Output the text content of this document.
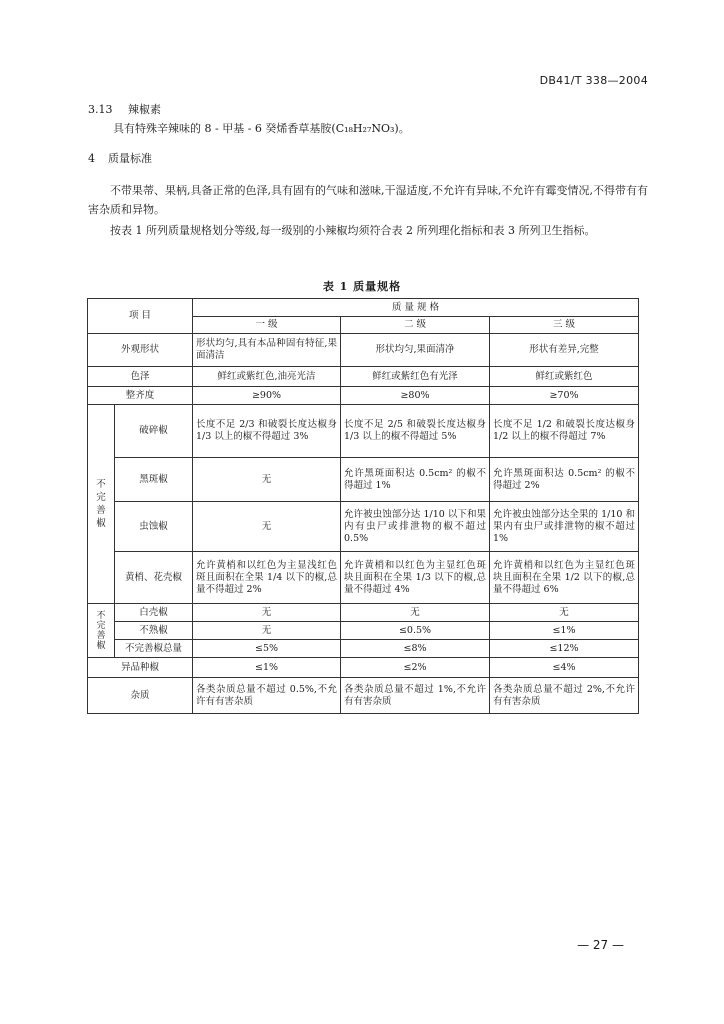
DB41/T 338—2004
3.13 辣椒素
具有特殊辛辣味的 8 - 甲基 - 6 癸烯香草基胺(C₁₈H₂₇NO₃)。
4 质量标准
不带果蒂、果柄,具备正常的色泽,具有固有的气味和滋味,干湿适度,不允许有异味,不允许有霉变情况,不得带有有害杂质和异物。
按表 1 所列质量规格划分等级,每一级别的小辣椒均须符合表 2 所列理化指标和表 3 所列卫生指标。
表 1 质量规格
项 目		质 量 规 格		
		一 级	二 级	三 级
外观形状		形状均匀,具有本品种固有特征,果面清洁	形状均匀,果面清净	形状有差异,完整
色泽		鲜红或紫红色,油亮光洁	鲜红或紫红色有光泽	鲜红或紫红色
整齐度		≥90%	≥80%	≥70%

不
完
善
椒	破碎椒	长度不足 2/3 和破裂长度达椒身 1/3 以上的椒不得超过 3%	长度不足 2/5 和破裂长度达椒身 1/3 以上的椒不得超过 5%	长度不足 1/2 和破裂长度达椒身 1/2 以上的椒不得超过 7%
	黑斑椒	无	允许黑斑面积达 0.5cm² 的椒不得超过 1%	允许黑斑面积达 0.5cm² 的椒不得超过 2%
	虫蚀椒	无	允许被虫蚀部分达 1/10 以下和果内有虫尸或排泄物的椒不超过 0.5%	允许被虫蚀部分达全果的 1/10 和果内有虫尸或排泄物的椒不超过 1%
	黄梢、花壳椒	允许黄梢和以红色为主显浅红色斑且面积在全果 1/4 以下的椒,总量不得超过 2%	允许黄梢和以红色为主显红色斑块且面积在全果 1/3 以下的椒,总量不得超过 4%	允许黄梢和以红色为主显红色斑块且面积在全果 1/2 以下的椒,总量不得超过 6%

不
完
善
椒	白壳椒	无	无	无
	不熟椒	无	≤0.5%	≤1%
	不完善椒总量	≤5%	≤8%	≤12%
异品种椒		≤1%	≤2%	≤4%
杂质		各类杂质总量不超过 0.5%,不允许有有害杂质	各类杂质总量不超过 1%,不允许有有害杂质	各类杂质总量不超过 2%,不允许有有害杂质
— 27 —
